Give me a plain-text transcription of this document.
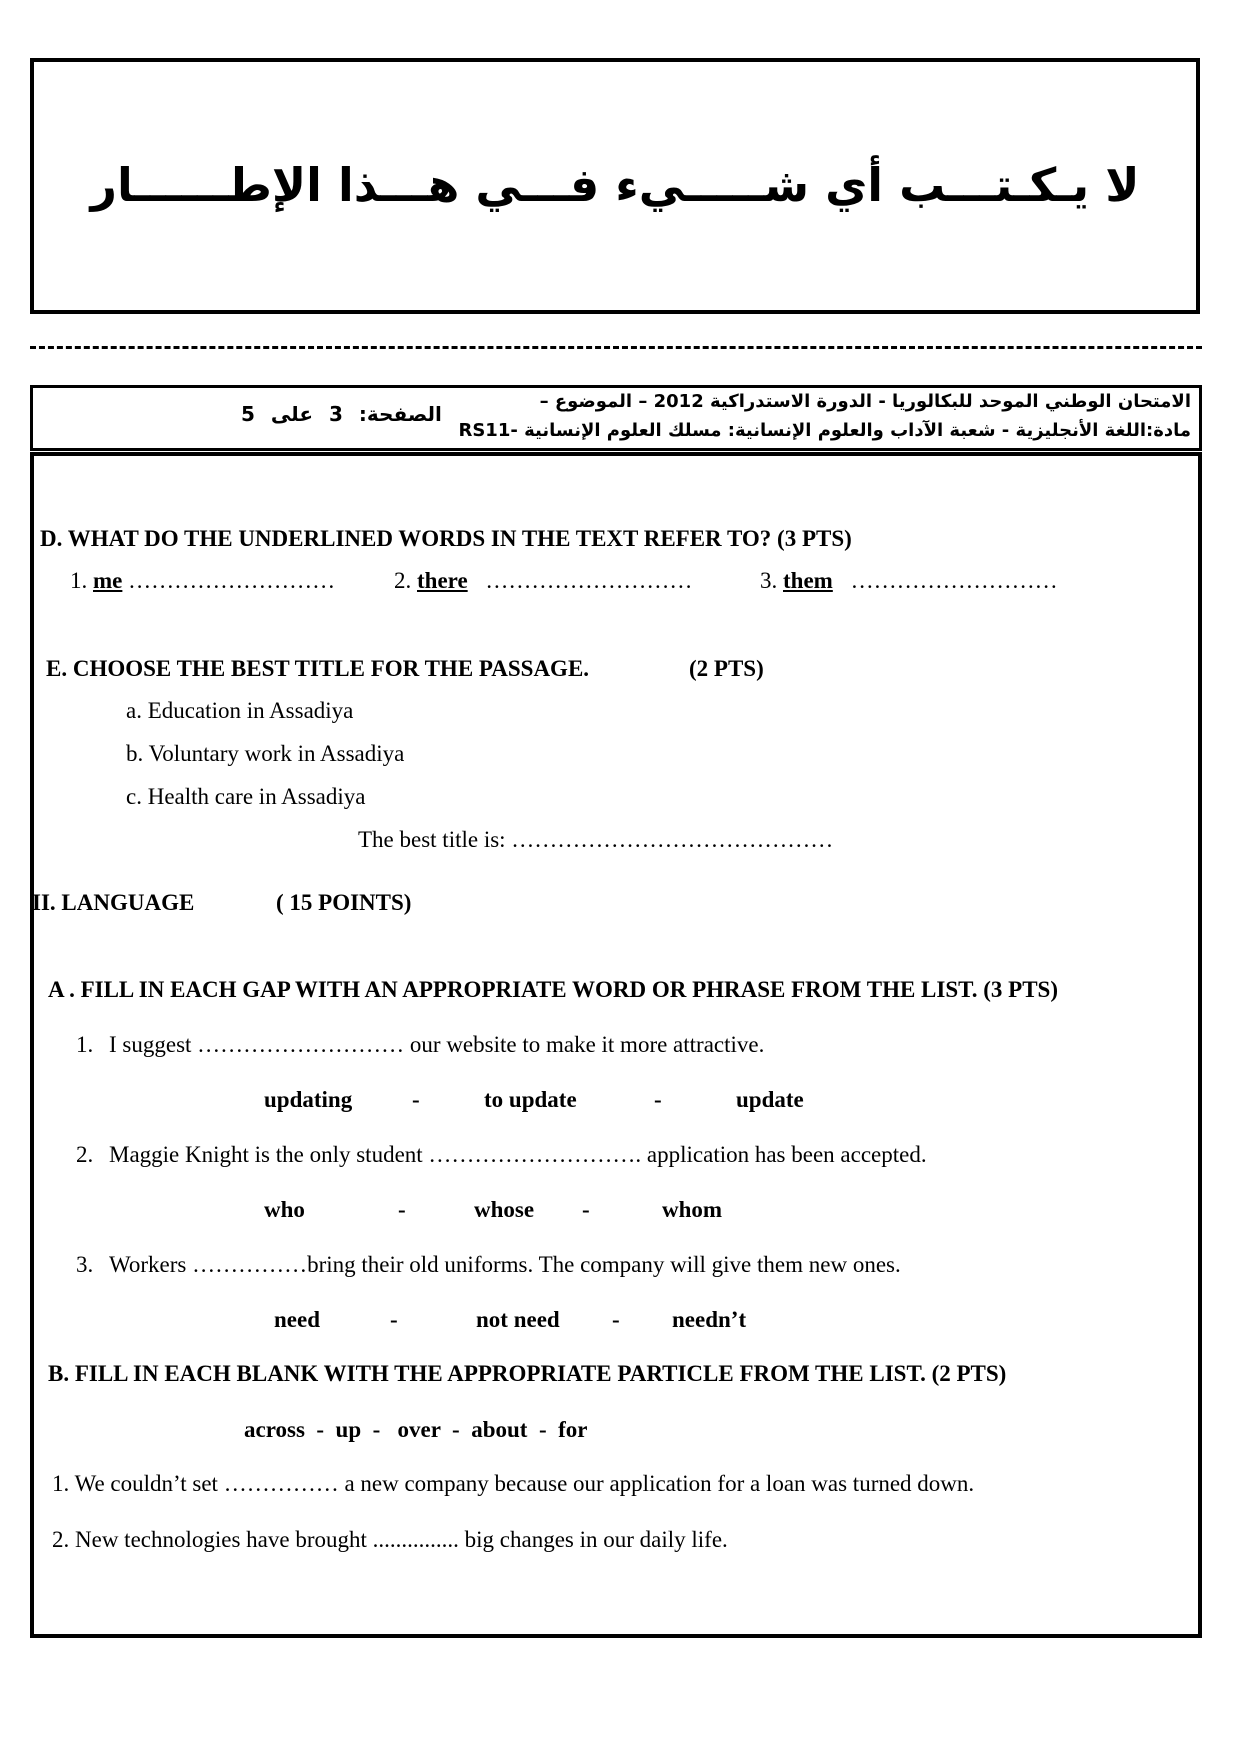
لا يـكـتـــب أي شـــــيء فـــي هـــذا الإطــــــار
الامتحان الوطني الموحد للبكالوريا - الدورة الاستدراكية 2012 – الموضوع –
مادة:اللغة الأنجليزية - شعبة الآداب والعلوم الإنسانية: مسلك العلوم الإنسانية -RS11
الصفحة:3على5
D. WHAT DO THE UNDERLINED WORDS IN THE TEXT REFER TO? (3 PTS)
1. me ………………………	2. there ………………………	3. them ………………………
E. CHOOSE THE BEST TITLE FOR THE PASSAGE.	(2 PTS)
a. Education in Assadiya
b. Voluntary work in Assadiya
c. Health care in Assadiya
The best title is: ……………………………………
II. LANGUAGE	( 15 POINTS)
A . FILL IN EACH GAP WITH AN APPROPRIATE WORD OR PHRASE FROM THE LIST. (3 PTS)
1. I suggest ……………………… our website to make it more attractive.
updating	-	to update	-	update
2. Maggie Knight is the only student ………………………. application has been accepted.
who	-	whose -	whom
3. Workers ……………bring their old uniforms. The company will give them new ones.
need	-	not need - needn’t
B. FILL IN EACH BLANK WITH THE APPROPRIATE PARTICLE FROM THE LIST. (2 PTS)
across  -  up  -   over  -  about  -  for
1. We couldn’t set …………… a new company because our application for a loan was turned down.
2. New technologies have brought ............... big changes in our daily life.
